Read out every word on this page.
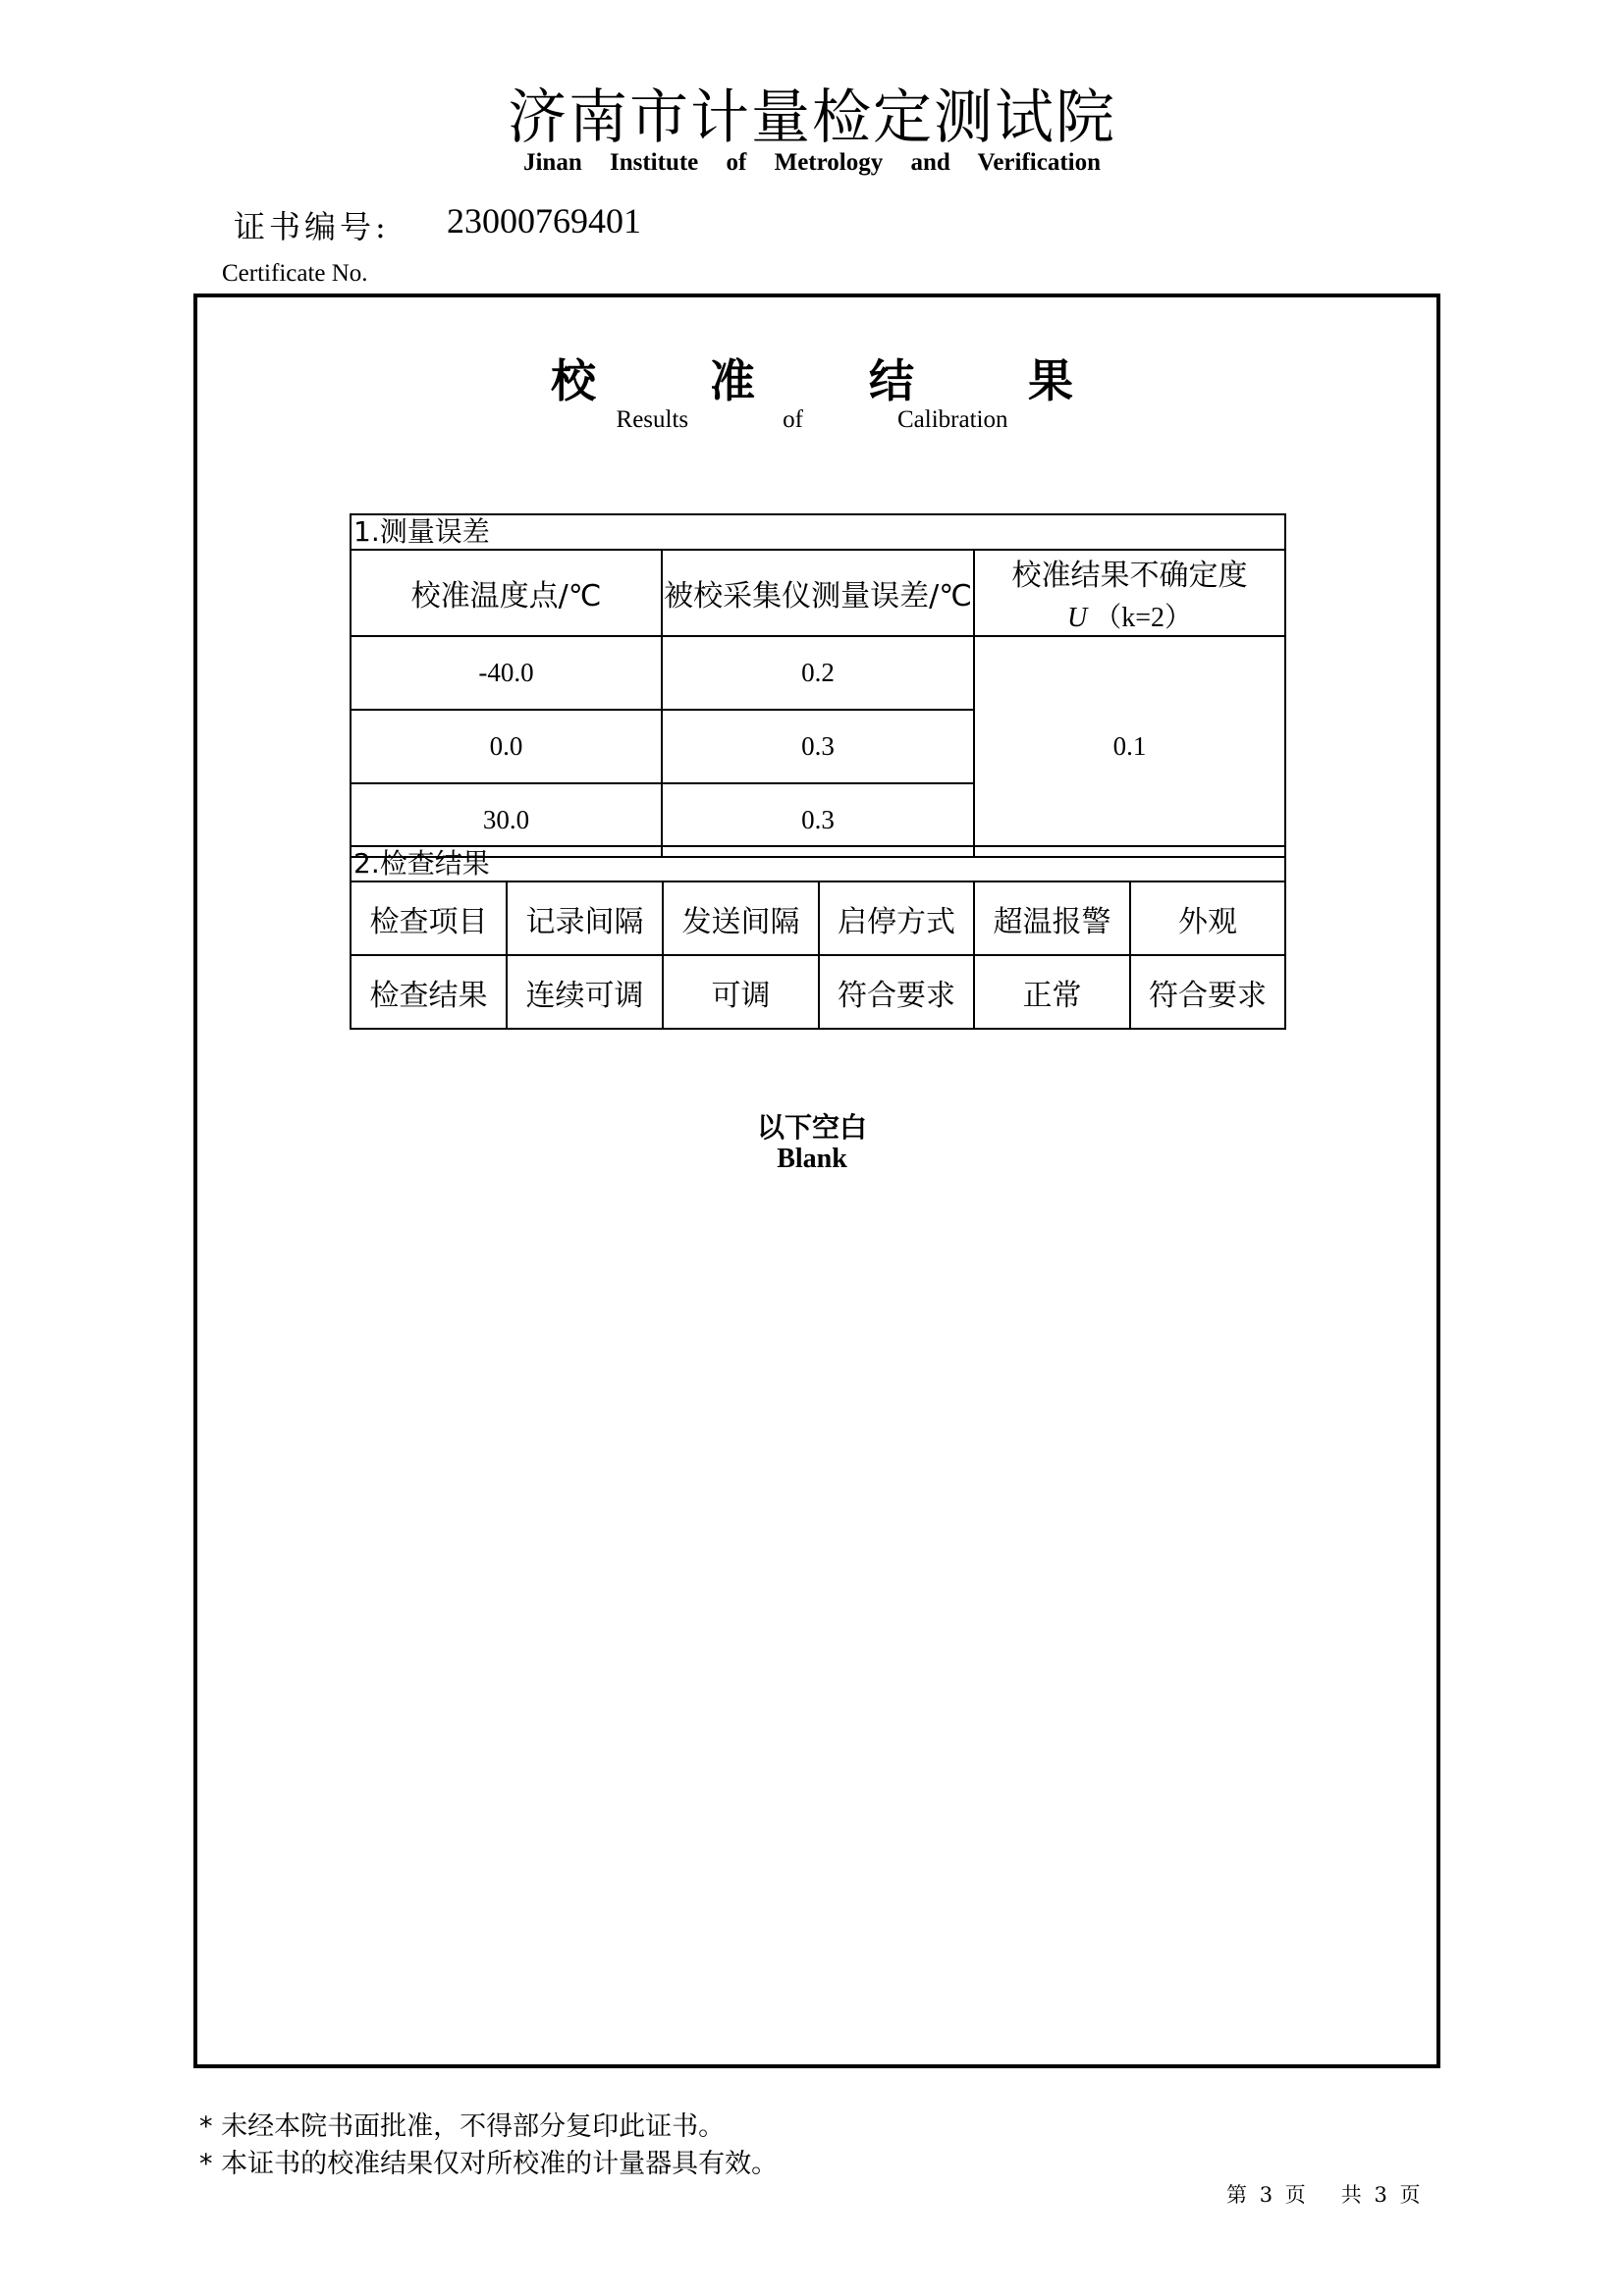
济南市计量检定测试院
Jinan Institute of Metrology and Verification
证书编号: 23000769401
Certificate No.
校	准	结	果
Results	of	Calibration
1.测量误差		
校准温度点/℃	被校采集仪测量误差/℃	校准结果不确定度
U （k=2）

-40.0	0.2	0.1
0.0	0.3	
30.0	0.3	
2.检查结果					
检查项目	记录间隔	发送间隔	启停方式	超温报警	外观
检查结果	连续可调	可调	符合要求	正常	符合要求
以下空白
Blank
* 未经本院书面批准，不得部分复印此证书。
* 本证书的校准结果仅对所校准的计量器具有效。
第 3 页 共 3 页
